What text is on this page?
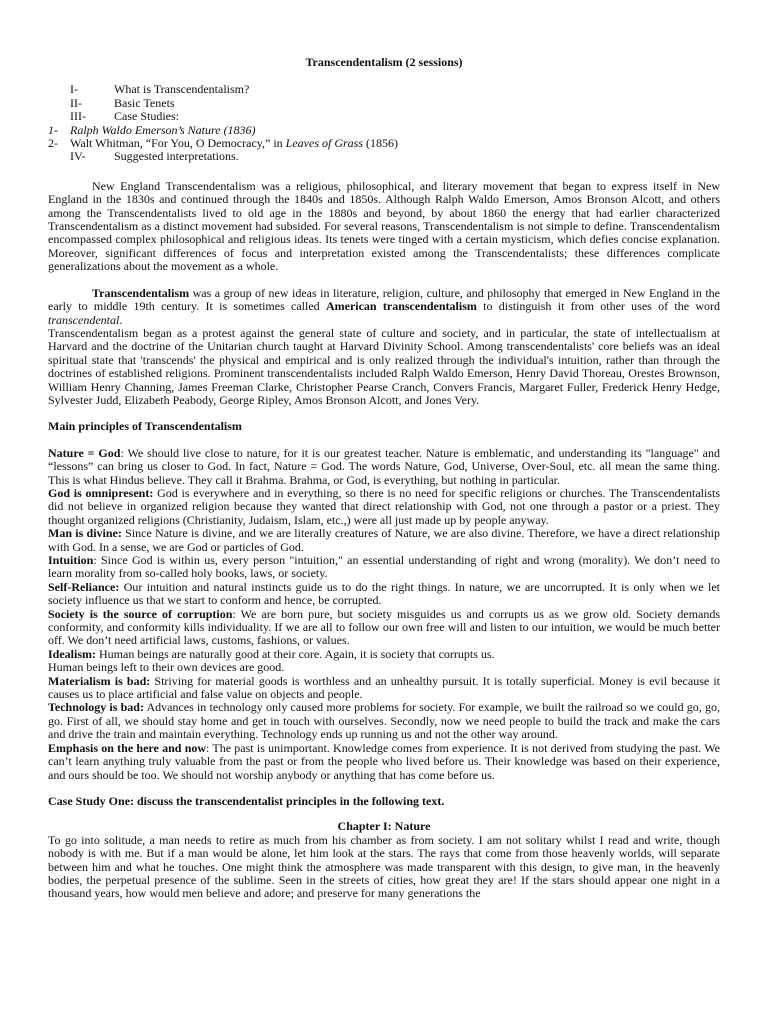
Transcendentalism (2 sessions)
I-	What is Transcendentalism?
II-	Basic Tenets
III-	Case Studies:
1-	Ralph Waldo Emerson’s Nature (1836)
2-	Walt Whitman, “For You, O Democracy,” in Leaves of Grass (1856)
IV-	Suggested interpretations.

New England Transcendentalism was a religious, philosophical, and literary movement that began to express itself in New England in the 1830s and continued through the 1840s and 1850s. Although Ralph Waldo Emerson, Amos Bronson Alcott, and others among the Transcendentalists lived to old age in the 1880s and beyond, by about 1860 the energy that had earlier characterized Transcendentalism as a distinct movement had subsided. For several reasons, Transcendentalism is not simple to define. Transcendentalism encompassed complex philosophical and religious ideas. Its tenets were tinged with a certain mysticism, which defies concise explanation. Moreover, significant differences of focus and interpretation existed among the Transcendentalists; these differences complicate generalizations about the movement as a whole.

Transcendentalism was a group of new ideas in literature, religion, culture, and philosophy that emerged in New England in the early to middle 19th century. It is sometimes called American transcendentalism to distinguish it from other uses of the word transcendental.

Transcendentalism began as a protest against the general state of culture and society, and in particular, the state of intellectualism at Harvard and the doctrine of the Unitarian church taught at Harvard Divinity School. Among transcendentalists' core beliefs was an ideal spiritual state that 'transcends' the physical and empirical and is only realized through the individual's intuition, rather than through the doctrines of established religions. Prominent transcendentalists included Ralph Waldo Emerson, Henry David Thoreau, Orestes Brownson, William Henry Channing, James Freeman Clarke, Christopher Pearse Cranch, Convers Francis, Margaret Fuller, Frederick Henry Hedge, Sylvester Judd, Elizabeth Peabody, George Ripley, Amos Bronson Alcott, and Jones Very.

Main principles of Transcendentalism

Nature = God: We should live close to nature, for it is our greatest teacher. Nature is emblematic, and understanding its "language" and “lessons” can bring us closer to God. In fact, Nature = God. The words Nature, God, Universe, Over-Soul, etc. all mean the same thing. This is what Hindus believe. They call it Brahma. Brahma, or God, is everything, but nothing in particular.

God is omnipresent: God is everywhere and in everything, so there is no need for specific religions or churches. The Transcendentalists did not believe in organized religion because they wanted that direct relationship with God, not one through a pastor or a priest. They thought organized religions (Christianity, Judaism, Islam, etc.,) were all just made up by people anyway.

Man is divine: Since Nature is divine, and we are literally creatures of Nature, we are also divine. Therefore, we have a direct relationship with God. In a sense, we are God or particles of God.

Intuition: Since God is within us, every person "intuition," an essential understanding of right and wrong (morality). We don’t need to learn morality from so-called holy books, laws, or society.

Self-Reliance: Our intuition and natural instincts guide us to do the right things. In nature, we are uncorrupted. It is only when we let society influence us that we start to conform and hence, be corrupted.

Society is the source of corruption: We are born pure, but society misguides us and corrupts us as we grow old. Society demands conformity, and conformity kills individuality. If we are all to follow our own free will and listen to our intuition, we would be much better off. We don’t need artificial laws, customs, fashions, or values.

Idealism: Human beings are naturally good at their core. Again, it is society that corrupts us.

Human beings left to their own devices are good.

Materialism is bad: Striving for material goods is worthless and an unhealthy pursuit. It is totally superficial. Money is evil because it causes us to place artificial and false value on objects and people.

Technology is bad: Advances in technology only caused more problems for society. For example, we built the railroad so we could go, go, go. First of all, we should stay home and get in touch with ourselves. Secondly, now we need people to build the track and make the cars and drive the train and maintain everything. Technology ends up running us and not the other way around.

Emphasis on the here and now: The past is unimportant. Knowledge comes from experience. It is not derived from studying the past. We can’t learn anything truly valuable from the past or from the people who lived before us. Their knowledge was based on their experience, and ours should be too. We should not worship anybody or anything that has come before us.

Case Study One: discuss the transcendentalist principles in the following text.
Chapter I: Nature

To go into solitude, a man needs to retire as much from his chamber as from society. I am not solitary whilst I read and write, though nobody is with me. But if a man would be alone, let him look at the stars. The rays that come from those heavenly worlds, will separate between him and what he touches. One might think the atmosphere was made transparent with this design, to give man, in the heavenly bodies, the perpetual presence of the sublime. Seen in the streets of cities, how great they are! If the stars should appear one night in a thousand years, how would men believe and adore; and preserve for many generations the
